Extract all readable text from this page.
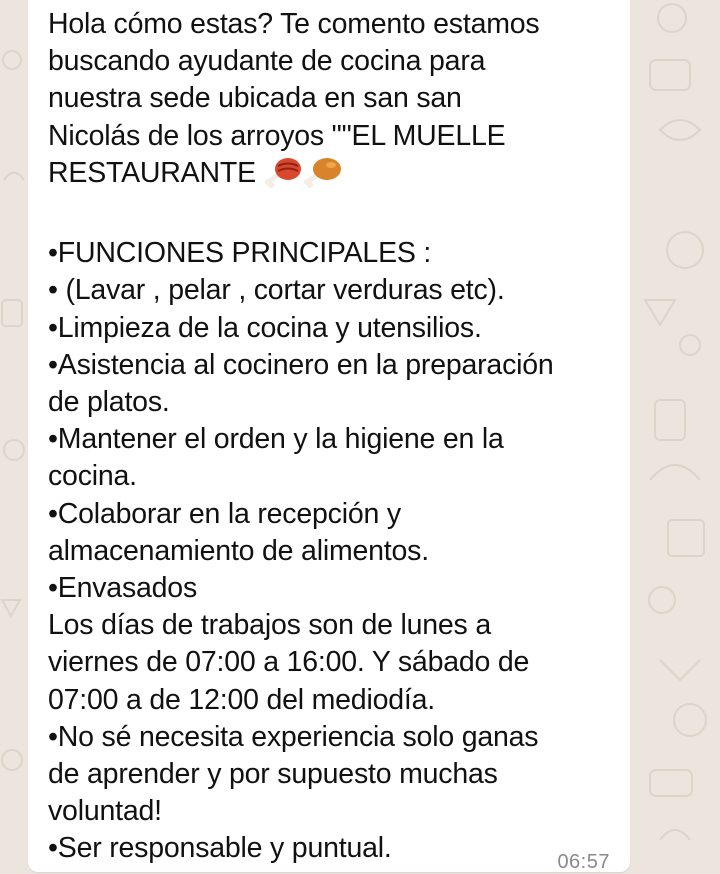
Hola cómo estas? Te comento estamos
buscando ayudante de cocina para
nuestra sede ubicada en san san
Nicolás de los arroyos ""EL MUELLE
RESTAURANTE

•FUNCIONES PRINCIPALES :
• (Lavar , pelar , cortar verduras etc).
•Limpieza de la cocina y utensilios.
•Asistencia al cocinero en la preparación
de platos.
•Mantener el orden y la higiene en la
cocina.
•Colaborar en la recepción y
almacenamiento de alimentos.
•Envasados
Los días de trabajos son de lunes a
viernes de 07:00 a 16:00. Y sábado de
07:00 a de 12:00 del mediodía.
•No sé necesita experiencia solo ganas
de aprender y por supuesto muchas
voluntad!
•Ser responsable y puntual.	06:57
